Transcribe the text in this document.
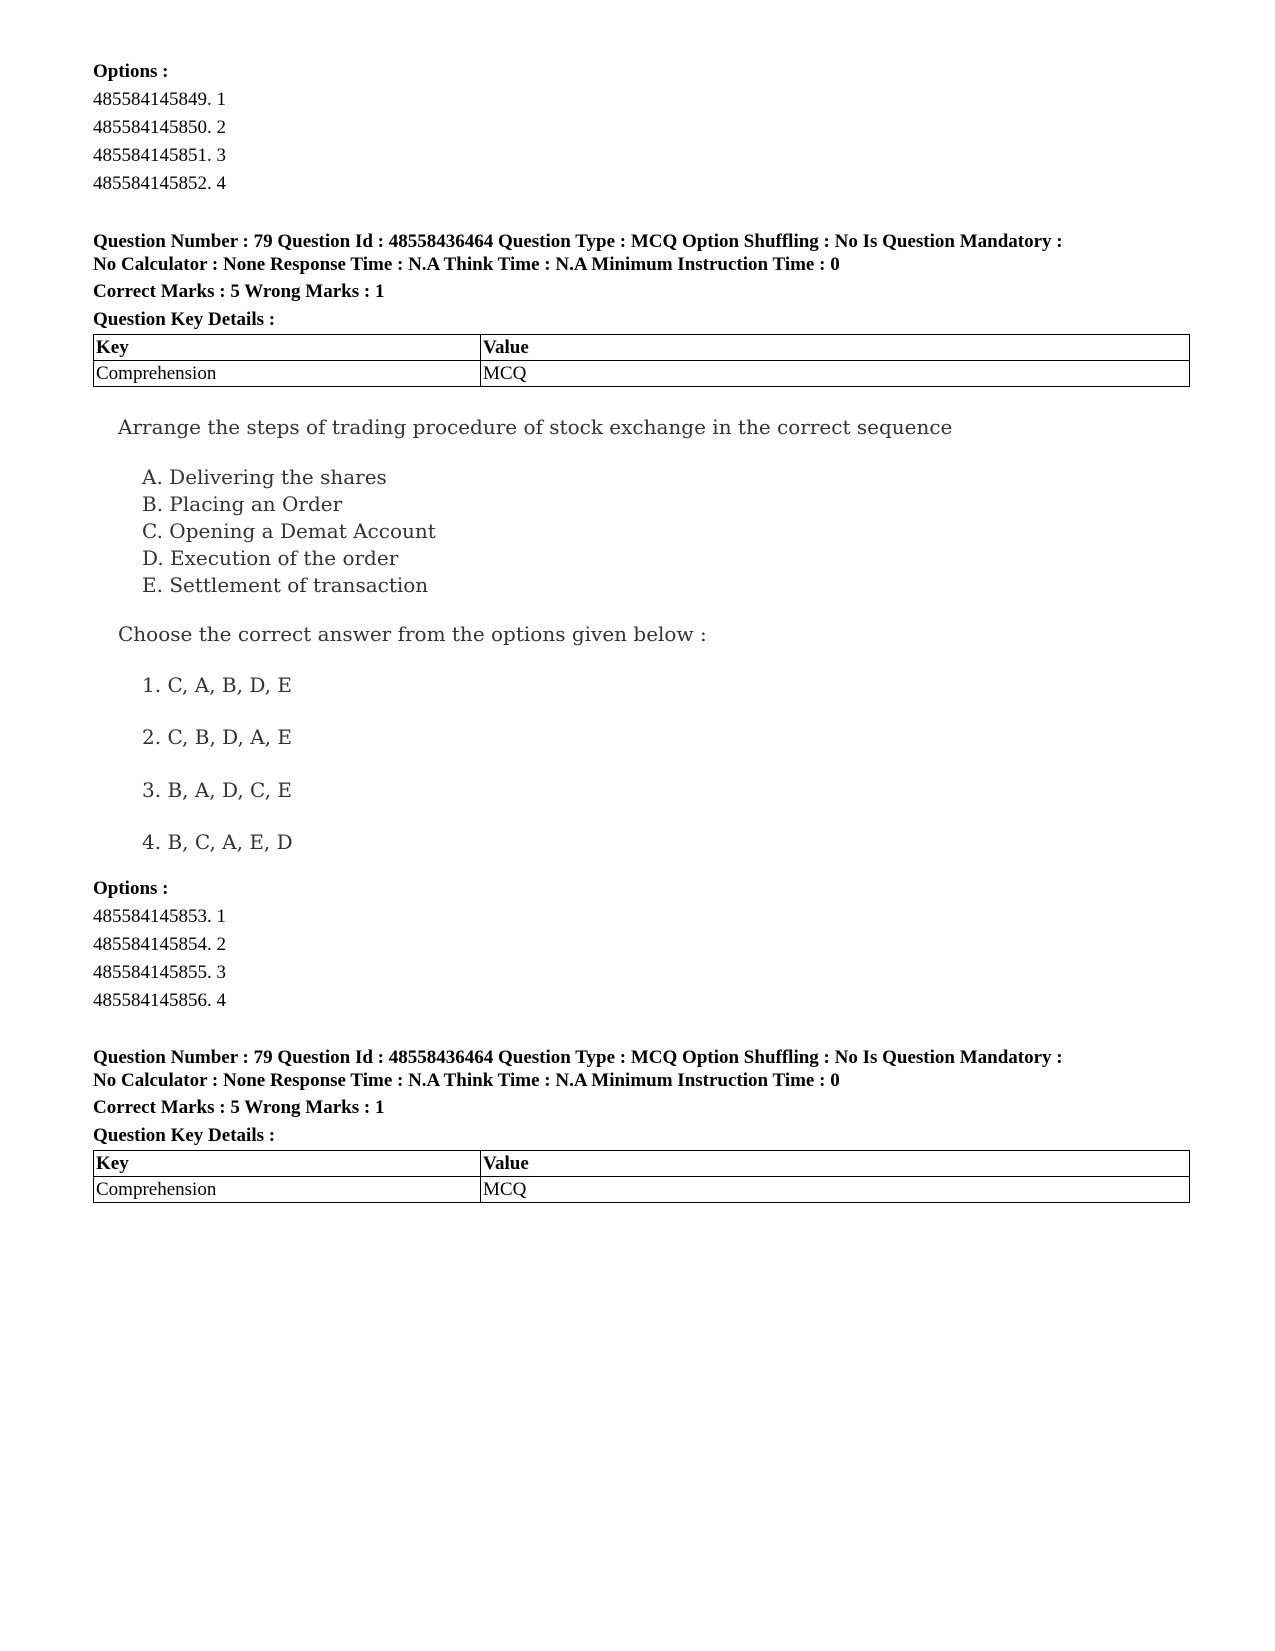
Options :
485584145849. 1
485584145850. 2
485584145851. 3
485584145852. 4
Question Number : 79 Question Id : 48558436464 Question Type : MCQ Option Shuffling : No Is Question Mandatory :
No Calculator : None Response Time : N.A Think Time : N.A Minimum Instruction Time : 0
Correct Marks : 5 Wrong Marks : 1
Question Key Details :
Key	Value
Comprehension	MCQ
Arrange the steps of trading procedure of stock exchange in the correct sequence
A. Delivering the shares
B. Placing an Order
C. Opening a Demat Account
D. Execution of the order
E. Settlement of transaction
Choose the correct answer from the options given below :
1. C, A, B, D, E
2. C, B, D, A, E
3. B, A, D, C, E
4. B, C, A, E, D
Options :
485584145853. 1
485584145854. 2
485584145855. 3
485584145856. 4
Question Number : 79 Question Id : 48558436464 Question Type : MCQ Option Shuffling : No Is Question Mandatory :
No Calculator : None Response Time : N.A Think Time : N.A Minimum Instruction Time : 0
Correct Marks : 5 Wrong Marks : 1
Question Key Details :
Key	Value
Comprehension	MCQ
